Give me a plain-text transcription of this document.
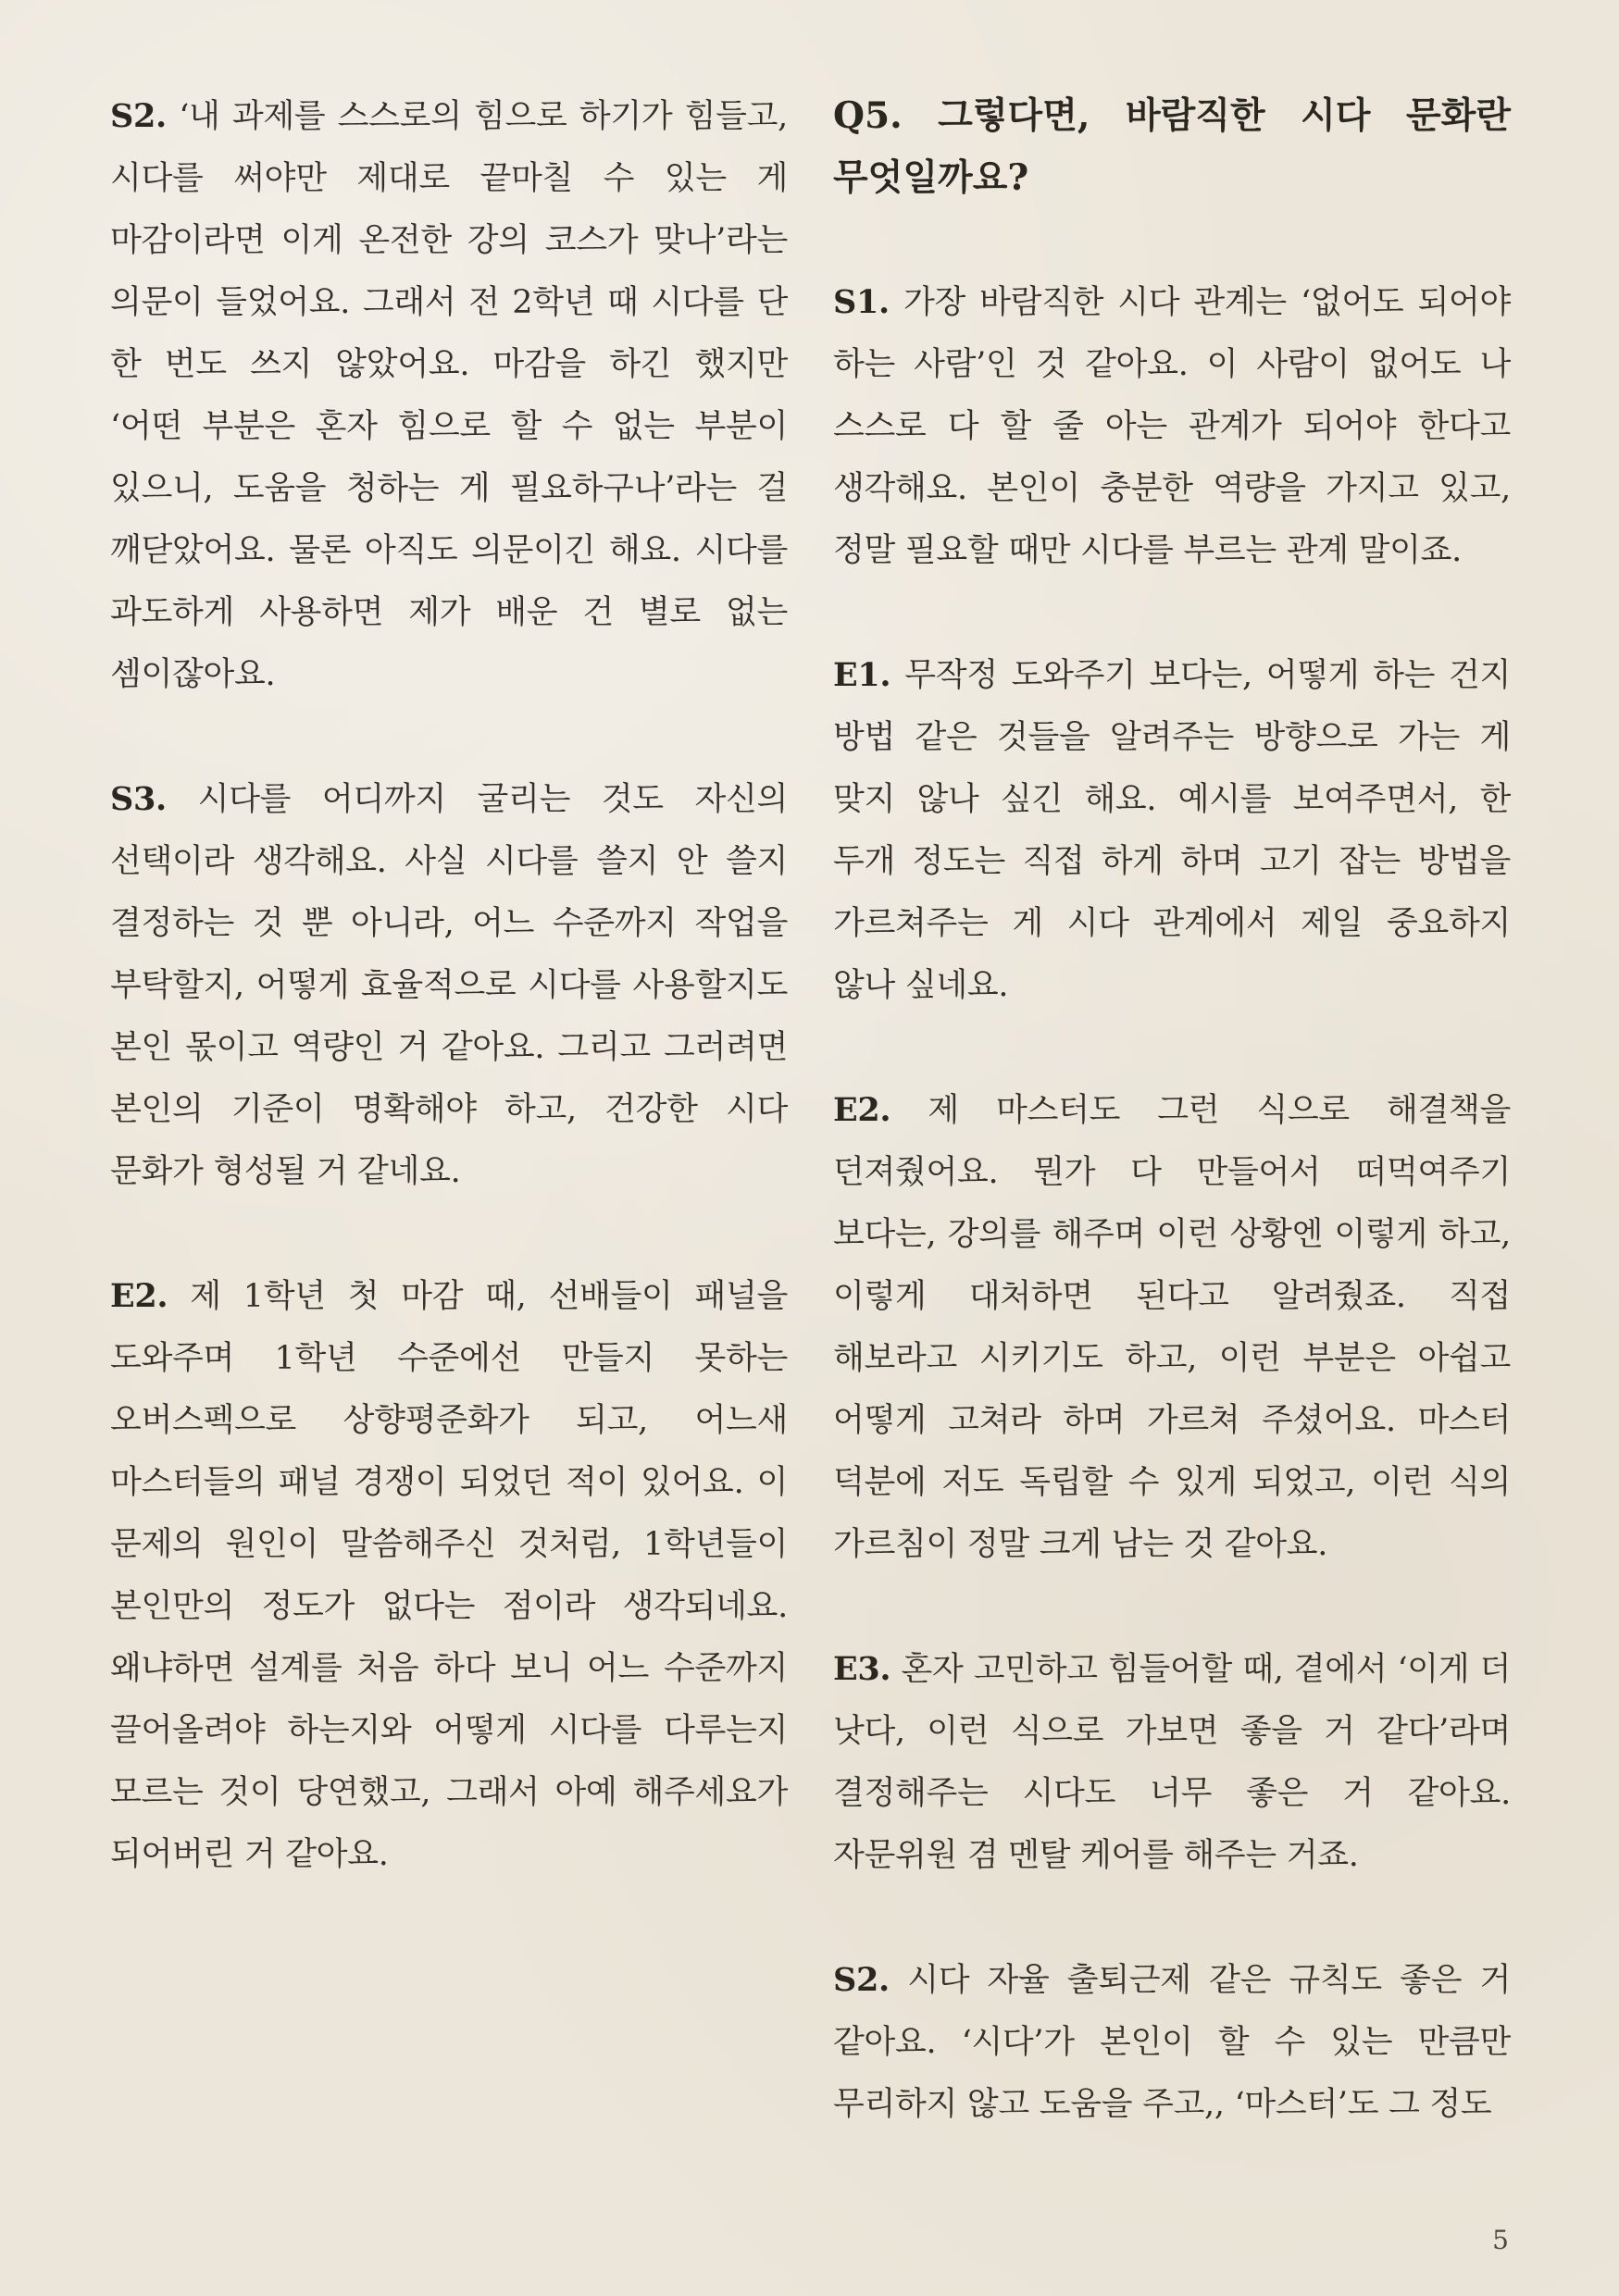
S2. ‘내 과제를 스스로의 힘으로 하기가 힘들고, 시다를 써야만 제대로 끝마칠 수 있는 게 마감이라면 이게 온전한 강의 코스가 맞나’라는 의문이 들었어요. 그래서 전 2학년 때 시다를 단 한 번도 쓰지 않았어요. 마감을 하긴 했지만 ‘어떤 부분은 혼자 힘으로 할 수 없는 부분이 있으니, 도움을 청하는 게 필요하구나’라는 걸 깨닫았어요. 물론 아직도 의문이긴 해요. 시다를 과도하게 사용하면 제가 배운 건 별로 없는 셈이잖아요.

S3. 시다를 어디까지 굴리는 것도 자신의 선택이라 생각해요. 사실 시다를 쓸지 안 쓸지 결정하는 것 뿐 아니라, 어느 수준까지 작업을 부탁할지, 어떻게 효율적으로 시다를 사용할지도 본인 몫이고 역량인 거 같아요. 그리고 그러려면 본인의 기준이 명확해야 하고, 건강한 시다 문화가 형성될 거 같네요.

E2. 제 1학년 첫 마감 때, 선배들이 패널을 도와주며 1학년 수준에선 만들지 못하는 오버스펙으로 상향평준화가 되고, 어느새 마스터들의 패널 경쟁이 되었던 적이 있어요. 이 문제의 원인이 말씀해주신 것처럼, 1학년들이 본인만의 정도가 없다는 점이라 생각되네요. 왜냐하면 설계를 처음 하다 보니 어느 수준까지 끌어올려야 하는지와 어떻게 시다를 다루는지 모르는 것이 당연했고, 그래서 아예 해주세요가 되어버린 거 같아요.

Q5. 그렇다면, 바람직한 시다 문화란 무엇일까요?

S1. 가장 바람직한 시다 관계는 ‘없어도 되어야 하는 사람’인 것 같아요. 이 사람이 없어도 나 스스로 다 할 줄 아는 관계가 되어야 한다고 생각해요. 본인이 충분한 역량을 가지고 있고, 정말 필요할 때만 시다를 부르는 관계 말이죠.

E1. 무작정 도와주기 보다는, 어떻게 하는 건지 방법 같은 것들을 알려주는 방향으로 가는 게 맞지 않나 싶긴 해요. 예시를 보여주면서, 한 두개 정도는 직접 하게 하며 고기 잡는 방법을 가르쳐주는 게 시다 관계에서 제일 중요하지 않나 싶네요.

E2. 제 마스터도 그런 식으로 해결책을 던져줬어요. 뭔가 다 만들어서 떠먹여주기 보다는, 강의를 해주며 이런 상황엔 이렇게 하고, 이렇게 대처하면 된다고 알려줬죠. 직접 해보라고 시키기도 하고, 이런 부분은 아쉽고 어떻게 고쳐라 하며 가르쳐 주셨어요. 마스터 덕분에 저도 독립할 수 있게 되었고, 이런 식의 가르침이 정말 크게 남는 것 같아요.

E3. 혼자 고민하고 힘들어할 때, 곁에서 ‘이게 더 낫다, 이런 식으로 가보면 좋을 거 같다’라며 결정해주는 시다도 너무 좋은 거 같아요. 자문위원 겸 멘탈 케어를 해주는 거죠.

S2. 시다 자율 출퇴근제 같은 규칙도 좋은 거 같아요. ‘시다’가 본인이 할 수 있는 만큼만 무리하지 않고 도움을 주고,, ‘마스터’도 그 정도

5
